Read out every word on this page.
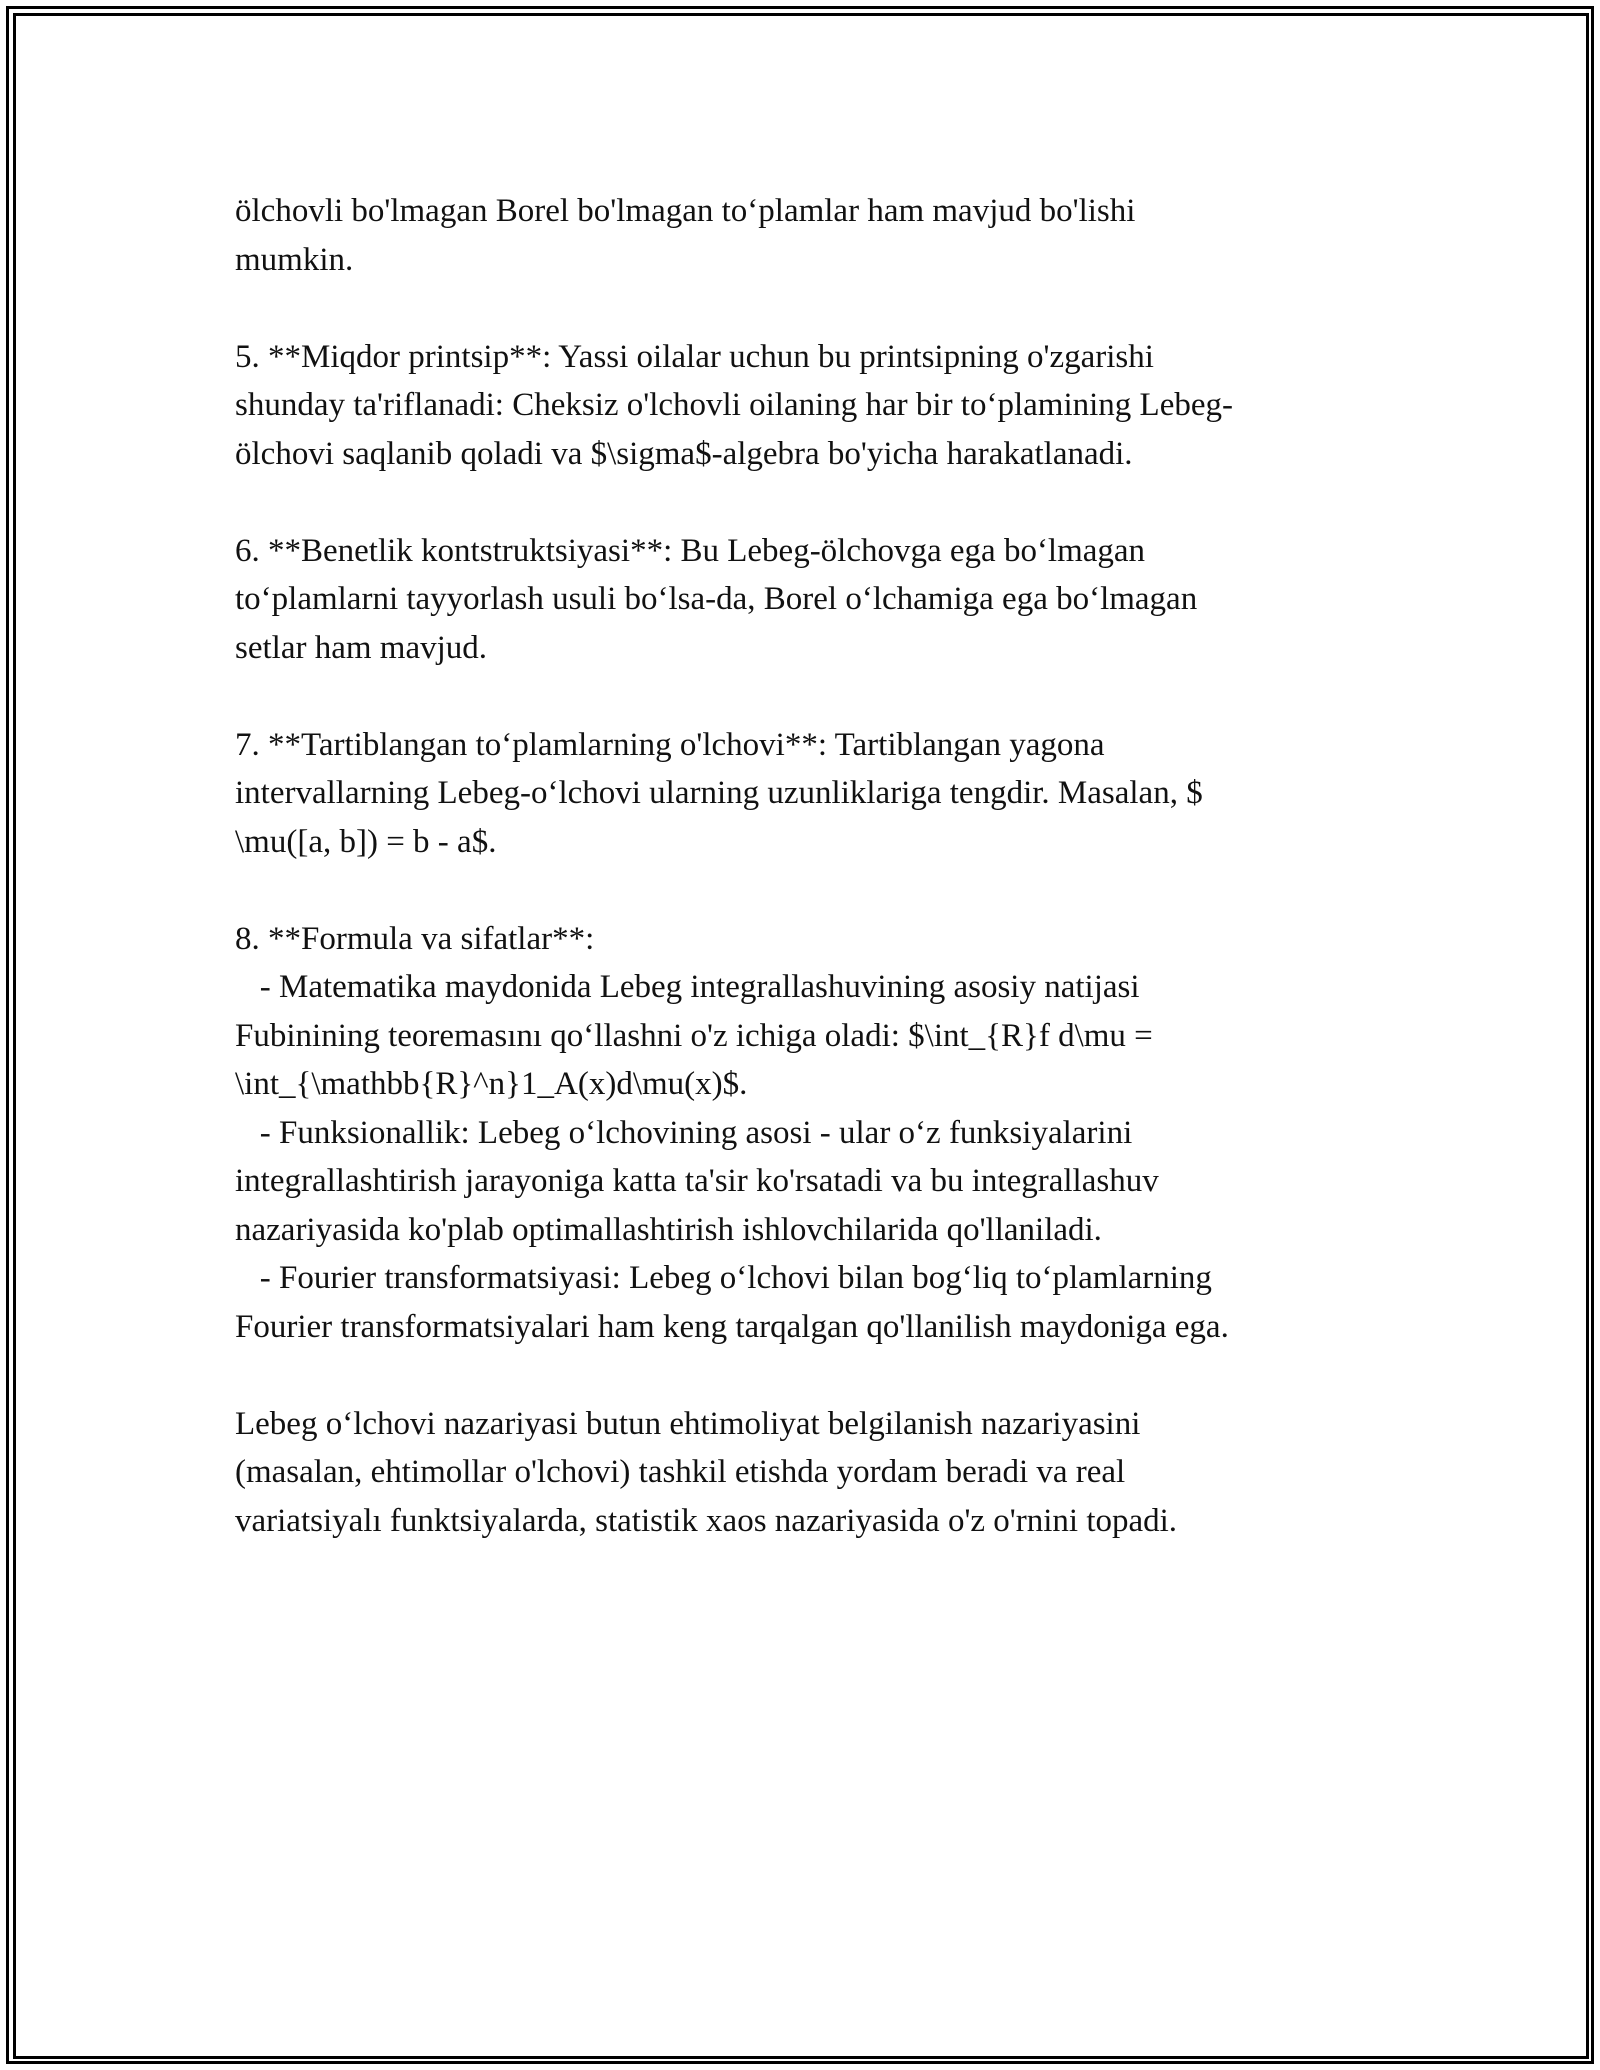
ölchovli bo'lmagan Borel bo'lmagan to‘plamlar ham mavjud bo'lishi
mumkin.

5. **Miqdor printsip**: Yassi oilalar uchun bu printsipning o'zgarishi
shunday ta'riflanadi: Cheksiz o'lchovli oilaning har bir to‘plamining Lebeg-
ölchovi saqlanib qoladi va $\sigma$-algebra bo'yicha harakatlanadi.

6. **Benetlik kontstruktsiyasi**: Bu Lebeg-ölchovga ega bo‘lmagan
to‘plamlarni tayyorlash usuli bo‘lsa-da, Borel o‘lchamiga ega bo‘lmagan
setlar ham mavjud.

7. **Tartiblangan to‘plamlarning o'lchovi**: Tartiblangan yagona
intervallarning Lebeg-o‘lchovi ularning uzunliklariga tengdir. Masalan, $
\mu([a, b]) = b - a$.

8. **Formula va sifatlar**:
- Matematika maydonida Lebeg integrallashuvining asosiy natijasi
Fubinining teoremasını qo‘llashni o'z ichiga oladi: $\int_{R}f d\mu =
\int_{\mathbb{R}^n}1_A(x)d\mu(x)$.
- Funksionallik: Lebeg o‘lchovining asosi - ular o‘z funksiyalarini
integrallashtirish jarayoniga katta ta'sir ko'rsatadi va bu integrallashuv
nazariyasida ko'plab optimallashtirish ishlovchilarida qo'llaniladi.
- Fourier transformatsiyasi: Lebeg o‘lchovi bilan bog‘liq to‘plamlarning
Fourier transformatsiyalari ham keng tarqalgan qo'llanilish maydoniga ega.

Lebeg o‘lchovi nazariyasi butun ehtimoliyat belgilanish nazariyasini
(masalan, ehtimollar o'lchovi) tashkil etishda yordam beradi va real
variatsiyalı funktsiyalarda, statistik xaos nazariyasida o'z o'rnini topadi.
